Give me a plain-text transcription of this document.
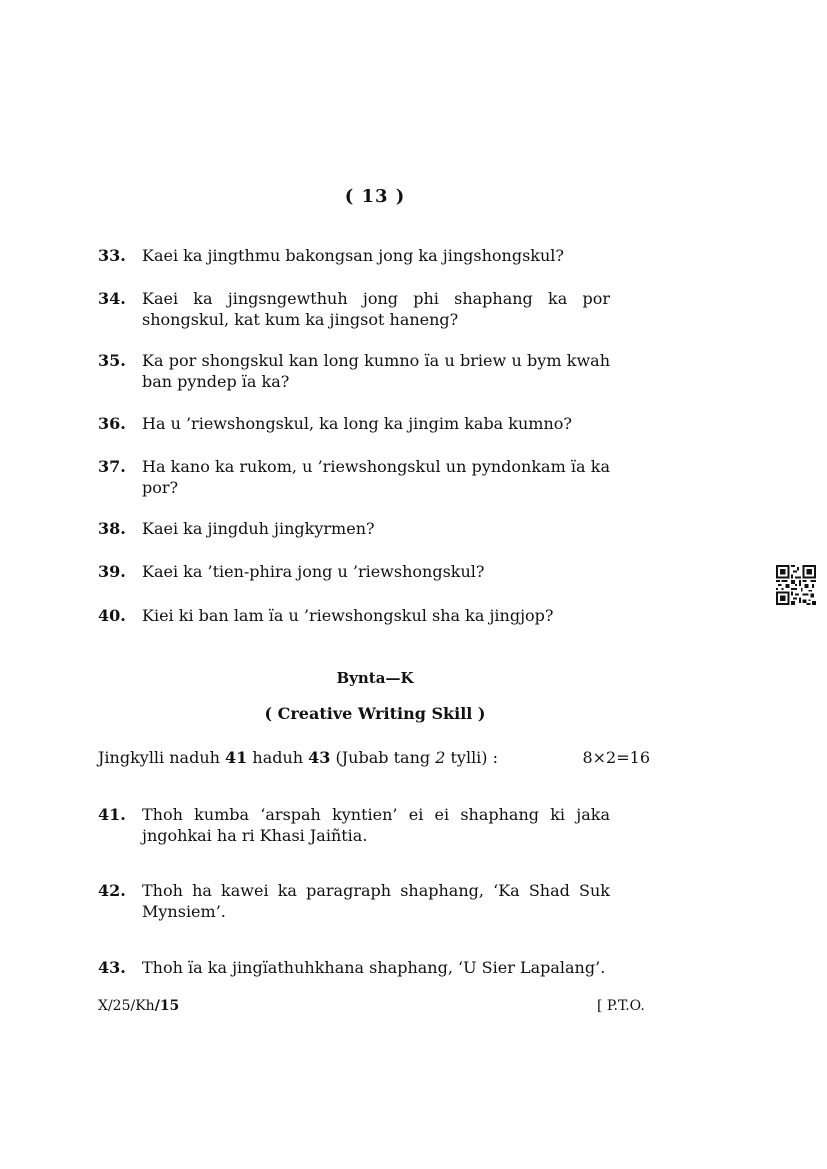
( 13 )
33. Kaei ka jingthmu bakongsan jong ka jingshongskul?
34. Kaei ka jingsngewthuh jong phi shaphang ka por shongskul, kat kum ka jingsot haneng?
35. Ka por shongskul kan long kumno ïa u briew u bym kwah ban pyndep ïa ka?
36. Ha u ’riewshongskul, ka long ka jingim kaba kumno?
37. Ha kano ka rukom, u ’riewshongskul un pyndonkam ïa ka por?
38. Kaei ka jingduh jingkyrmen?
39. Kaei ka ’tien-phira jong u ’riewshongskul?
40. Kiei ki ban lam ïa u ’riewshongskul sha ka jingjop?
Bynta—K
( Creative Writing Skill )
Jingkylli naduh 41 haduh 43 (Jubab tang 2 tylli) :	8×2=16
41. Thoh kumba ‘arspah kyntien’ ei ei shaphang ki jaka jngohkai ha ri Khasi Jaiñtia.
42. Thoh ha kawei ka paragraph shaphang, ‘Ka Shad Suk Mynsiem’.
43. Thoh ïa ka jingïathuhkhana shaphang, ‘U Sier Lapalang’.
X/25/Kh/15	[ P.T.O.
